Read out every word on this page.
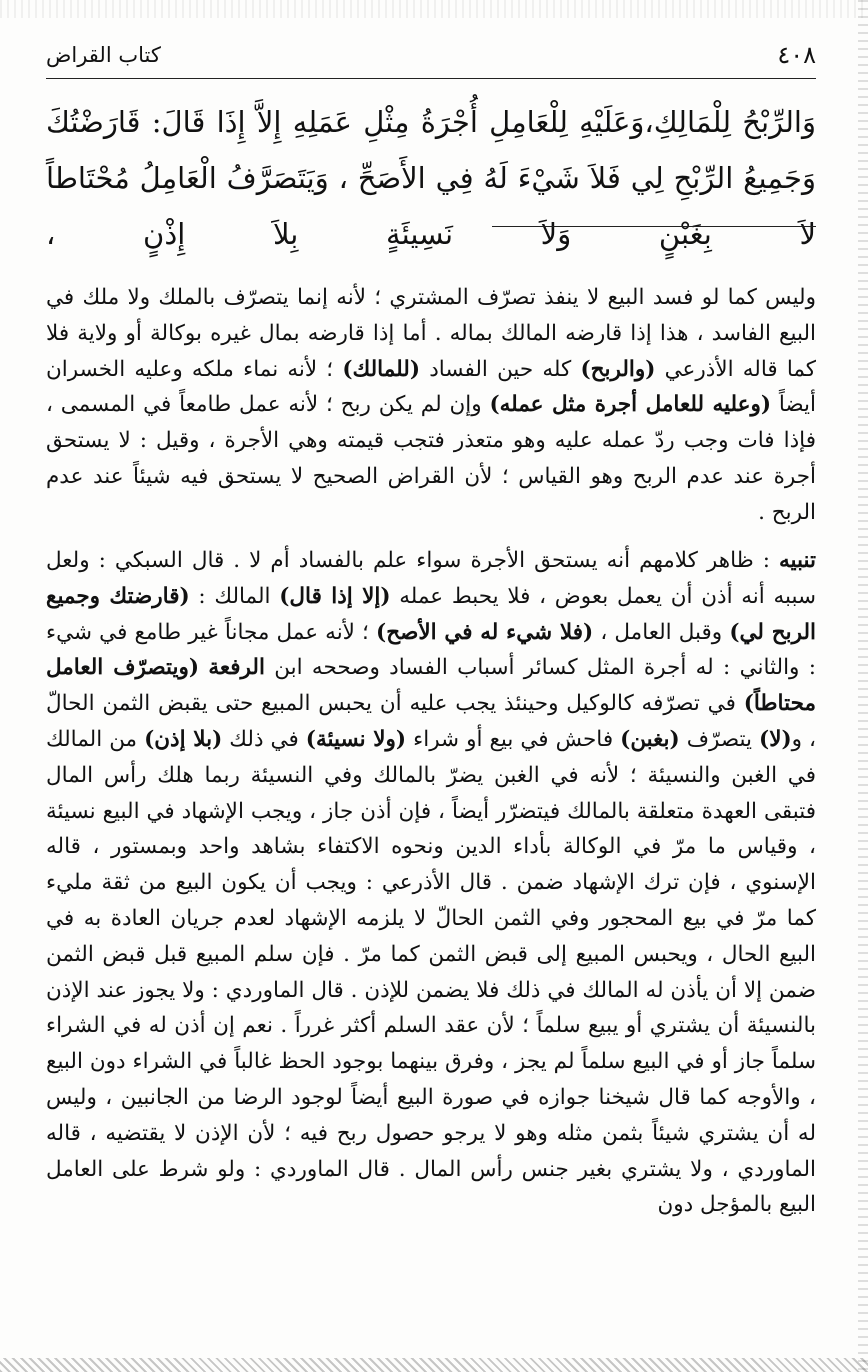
٤٠٨
كتاب القراض

وَالرِّبْحُ لِلْمَالِكِ،وَعَلَيْهِ لِلْعَامِلِ أُجْرَةُ مِثْلِ عَمَلِهِ إِلاَّ إِذَا قَالَ: قَارَضْتُكَ وَجَمِيعُ الرِّبْحِ لِي فَلاَ شَيْءَ لَهُ فِي الأَصَحِّ ، وَيَتَصَرَّفُ الْعَامِلُ مُحْتَاطاً لاَ بِغَبْنٍ وَلاَ نَسِيئَةٍ بِلاَ إِذْنٍ ،

وليس كما لو فسد البيع لا ينفذ تصرّف المشتري ؛ لأنه إنما يتصرّف بالملك ولا ملك في البيع الفاسد ، هذا إذا قارضه المالك بماله . أما إذا قارضه بمال غيره بوكالة أو ولاية فلا كما قاله الأذرعي (والربح) كله حين الفساد (للمالك) ؛ لأنه نماء ملكه وعليه الخسران أيضاً (وعليه للعامل أجرة مثل عمله) وإن لم يكن ربح ؛ لأنه عمل طامعاً في المسمى ، فإذا فات وجب ردّ عمله عليه وهو متعذر فتجب قيمته وهي الأجرة ، وقيل : لا يستحق أجرة عند عدم الربح وهو القياس ؛ لأن القراض الصحيح لا يستحق فيه شيئاً عند عدم الربح .

تنبيه : ظاهر كلامهم أنه يستحق الأجرة سواء علم بالفساد أم لا . قال السبكي : ولعل سببه أنه أذن أن يعمل بعوض ، فلا يحبط عمله (إلا إذا قال) المالك : (قارضتك وجميع الربح لي) وقبل العامل ، (فلا شيء له في الأصح) ؛ لأنه عمل مجاناً غير طامع في شيء : والثاني : له أجرة المثل كسائر أسباب الفساد وصححه ابن الرفعة (ويتصرّف العامل محتاطاً) في تصرّفه كالوكيل وحينئذ يجب عليه أن يحبس المبيع حتى يقبض الثمن الحالّ ، و(لا) يتصرّف (بغبن) فاحش في بيع أو شراء (ولا نسيئة) في ذلك (بلا إذن) من المالك في الغبن والنسيئة ؛ لأنه في الغبن يضرّ بالمالك وفي النسيئة ربما هلك رأس المال فتبقى العهدة متعلقة بالمالك فيتضرّر أيضاً ، فإن أذن جاز ، ويجب الإشهاد في البيع نسيئة ، وقياس ما مرّ في الوكالة بأداء الدين ونحوه الاكتفاء بشاهد واحد وبمستور ، قاله الإسنوي ، فإن ترك الإشهاد ضمن . قال الأذرعي : ويجب أن يكون البيع من ثقة مليء كما مرّ في بيع المحجور وفي الثمن الحالّ لا يلزمه الإشهاد لعدم جريان العادة به في البيع الحال ، ويحبس المبيع إلى قبض الثمن كما مرّ . فإن سلم المبيع قبل قبض الثمن ضمن إلا أن يأذن له المالك في ذلك فلا يضمن للإذن . قال الماوردي : ولا يجوز عند الإذن بالنسيئة أن يشتري أو يبيع سلماً ؛ لأن عقد السلم أكثر غرراً . نعم إن أذن له في الشراء سلماً جاز أو في البيع سلماً لم يجز ، وفرق بينهما بوجود الحظ غالباً في الشراء دون البيع ، والأوجه كما قال شيخنا جوازه في صورة البيع أيضاً لوجود الرضا من الجانبين ، وليس له أن يشتري شيئاً بثمن مثله وهو لا يرجو حصول ربح فيه ؛ لأن الإذن لا يقتضيه ، قاله الماوردي ، ولا يشتري بغير جنس رأس المال . قال الماوردي : ولو شرط على العامل البيع بالمؤجل دون
